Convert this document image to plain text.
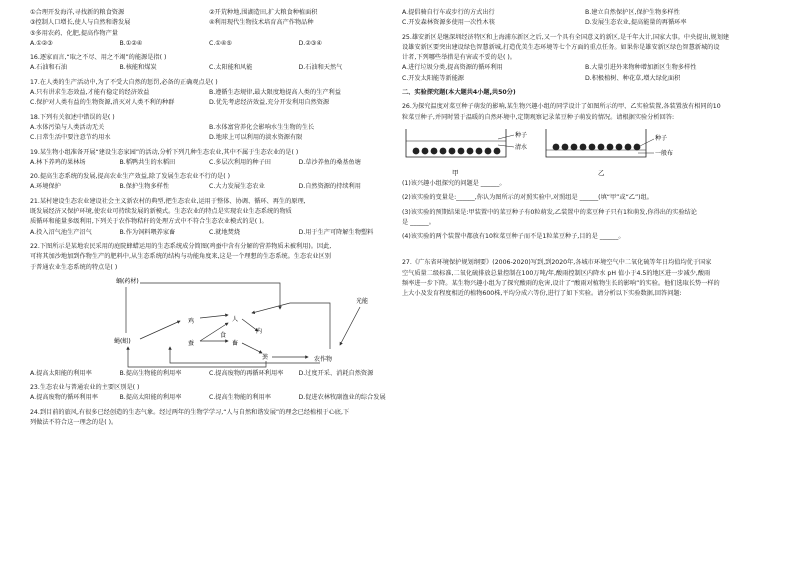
①合理开发海洋,寻找新的粮食资源	②开荒种地,围湖造田,扩大粮食种植面积
③控制人口增长,使人与自然和谐发展	④利用现代生物技术培育高产作物品种
⑤多用农药、化肥,提高作物产量
A.①②③	B.①②④	C.①④⑤	D.②③④
16.逐家而言,“取之不尽、用之不竭”的能源是指( )
A.石油和石油	B.核能和煤炭	C.太阳能和风能	D.石油和天然气
17.在人类的生产活动中,为了不受大自然的惩罚,必备的正确观点是( )
A.只有讲求生态效益,才能有稳定的经济效益	B.遵循生态规律,最大限度地提高人类的生产利益
C.保护对人类有益的生物资源,消灭对人类不利的种群	D.优先考虑经济效益,充分开发利用自然资源
18.下列有关叙述中错误的是( )
A.水体污染与人类活动无关	B.水体富营养化会影响水生生物的生长
C.日常生活中要注意节约用水	D.地球上可以利用的淡水资源有限
19.某生物小组准备开展“建设生态家园”的活动,分析下列几种生态农业,其中不属于生态农业的是( )
A.林下养鸡的果林场	B.稻鸭共生的水稻田	C.多层次利用的种子田	D.草沙养鱼的桑基鱼塘
20.提高生态系统的发展,提高农业生产效益,除了发展生态农业不行的是( )
A.环境保护	B.保护生物多样性	C.大力发展生态农业	D.自然资源的持续利用
21.某村建设生态农业建设社会主义新农村的典型,把生态农业,运用于整体、协调、循环、再生的原理,
既发展经济又保护环境,使农业可持续发展的新模式。生态农业的特点是实现农业生态系统的物质
质循环和能量多级利用,下列关于农作物秸秆的处理方式中不符合生态农业模式的是( )。
A.投入沼气池生产沼气	B.作为饲料喂养家畜	C.就地焚烧	D.用于生产可降解生物塑料
22.下图所示是某地农民采用的庭院蜂蜡运用的生态系统成分简图(鸡蚕中含有分解的营养物质未被利用)。因此,
可将其加沙地加到作物生产的肥料中,从生态系统的结构与功能角度来,这是一个理想的生态系统。生态农业区别
于普通农业生态系统的特点是( )
蛹(药材)
鸡
蚕
人
畜
光能
粪
蝇(蛆)
食
内
农作物
A.提高太阳能的利用率	B.提高生物能的利用率	C.提高废物的再循环利用率	D.过度开采、消耗自然资源
23.生态农业与普通农业的主要区别是( )
A.提高废物的循环利用率	B.提高太阳能的利用率	C.提高生物能的利用率	D.促进农林牧副渔业的综合发展
24.到目前的旅风,有很多已经创造的生态气象。经过两年的生物学学习,“人与自然和谐发展”的理念已经植根于心底,下
列做法不符合这一理念的是( )。
A.提倡骑自行车或步行的方式出行	B.建立自然保护区,保护生物多样性
C.开发森林资源多使用一次性木筷	D.发展生态农业,提高能量的再循环率
25.雄安新区是继深圳经济特区和上海浦东新区之后,又一个具有全国意义的新区,是千年大计,国家大事。中央提出,规划建
设雄安新区要突出建设绿色智慧新城,打造优美生态环境等七个方面的重点任务。如果你是雄安新区绿色智慧新城的设
计者,下列哪些举措是有害或不妥的是( )。
A.进行垃圾分类,提高资源的循环利用	B.大量引进外来物种增加新区生物多样性
C.开发太阳能等新能源	D.积极植树、种花草,增大绿化面积
二、实验探究题(本大题共4小题,共50分)
26.为探究温度对菜豆种子萌发的影响,某生物兴趣小组的同学设计了如图所示的甲、乙实验装置,各装置放有相同的10
粒菜豆种子,并同时置于温暖的自然环境中,定期观察记录菜豆种子萌发的情况。请根据实验分析回答:
种子
清水
种子
一般布
甲	乙
(1)该兴趣小组探究的问题是 ______。
(2)该实验的变量是:______,你认为图所示的对照实验中,对照组是 ______(填“甲”或“乙”)组。
(3)该实验的预期结果是:甲装置中的菜豆种子有0粒萌发,乙装置中的菜豆种子只有1粒萌发,你得出的实验结论
是 ______。
(4)该实验的两个装置中都放有10粒菜豆种子而不是1粒菜豆种子,目的是 ______。
27.《广东省环境保护规划纲要》(2006-2020)写到,到2020年,各城市环境空气中二氧化硫等年日均值均优于国家
空气质量二级标准,二氧化硫排放总量控制在100万吨/年,酸雨控制区内降水 pH 值小于4.5的地区进一步减少,酸雨
频率进一步下降。某生物兴趣小组为了探究酸雨的危害,设计了“酸雨对植物生长的影响”的实验。他们选取长势一样的
上大小及发育程度相近的植物600株,平均分成六等份,进行了如下实验。请分析以下实验数据,回答问题:
